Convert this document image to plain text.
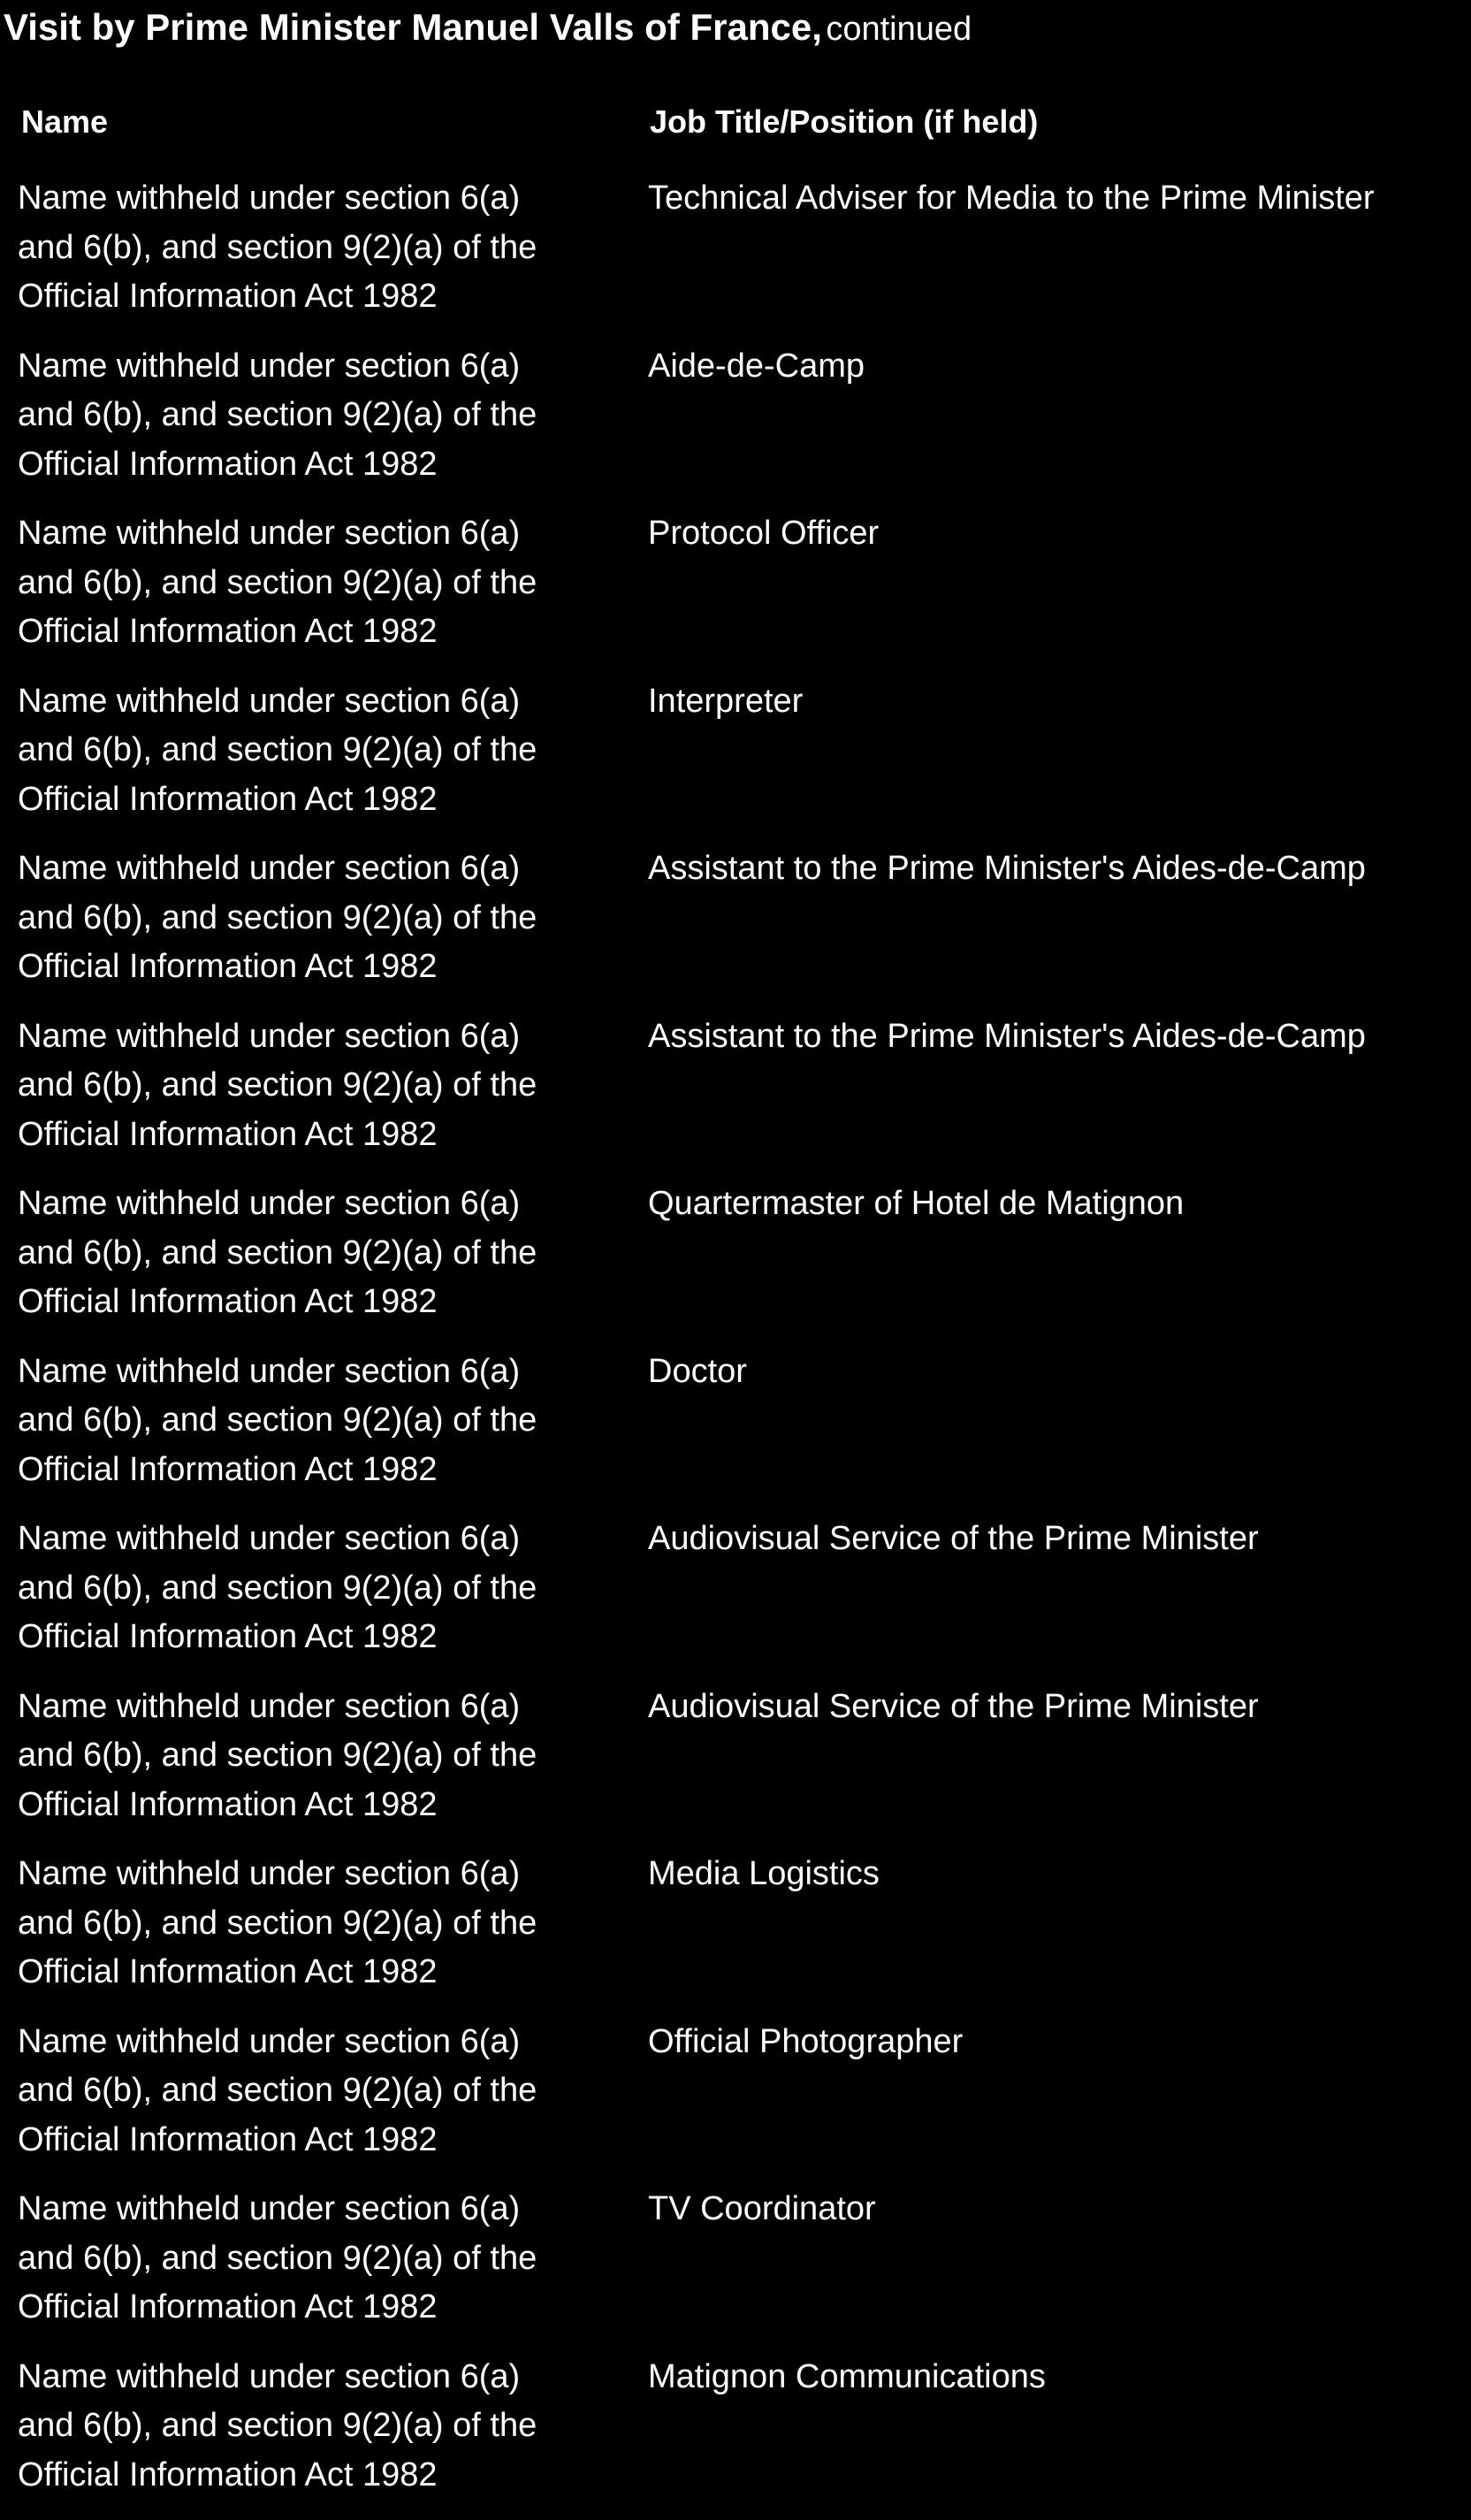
Visit by Prime Minister Manuel Valls of France, continued
Name	Job Title/Position (if held)
Name withheld under section 6(a)
and 6(b), and section 9(2)(a) of the
Official Information Act 1982
Technical Adviser for Media to the Prime Minister
Name withheld under section 6(a)
and 6(b), and section 9(2)(a) of the
Official Information Act 1982
Aide-de-Camp
Name withheld under section 6(a)
and 6(b), and section 9(2)(a) of the
Official Information Act 1982
Protocol Officer
Name withheld under section 6(a)
and 6(b), and section 9(2)(a) of the
Official Information Act 1982
Interpreter
Name withheld under section 6(a)
and 6(b), and section 9(2)(a) of the
Official Information Act 1982
Assistant to the Prime Minister's Aides-de-Camp
Name withheld under section 6(a)
and 6(b), and section 9(2)(a) of the
Official Information Act 1982
Assistant to the Prime Minister's Aides-de-Camp
Name withheld under section 6(a)
and 6(b), and section 9(2)(a) of the
Official Information Act 1982
Quartermaster of Hotel de Matignon
Name withheld under section 6(a)
and 6(b), and section 9(2)(a) of the
Official Information Act 1982
Doctor
Name withheld under section 6(a)
and 6(b), and section 9(2)(a) of the
Official Information Act 1982
Audiovisual Service of the Prime Minister
Name withheld under section 6(a)
and 6(b), and section 9(2)(a) of the
Official Information Act 1982
Audiovisual Service of the Prime Minister
Name withheld under section 6(a)
and 6(b), and section 9(2)(a) of the
Official Information Act 1982
Media Logistics
Name withheld under section 6(a)
and 6(b), and section 9(2)(a) of the
Official Information Act 1982
Official Photographer
Name withheld under section 6(a)
and 6(b), and section 9(2)(a) of the
Official Information Act 1982
TV Coordinator
Name withheld under section 6(a)
and 6(b), and section 9(2)(a) of the
Official Information Act 1982
Matignon Communications
